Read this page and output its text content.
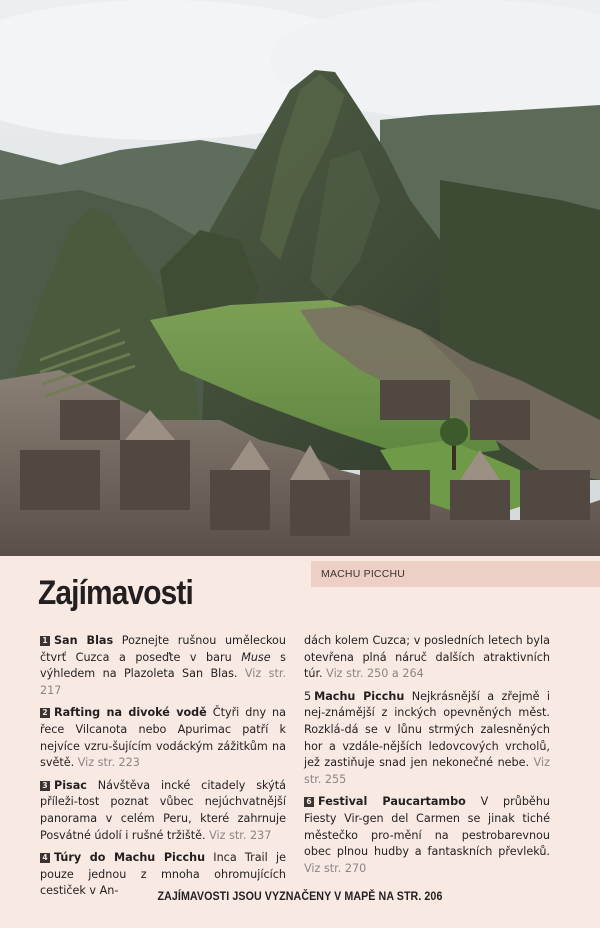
MACHU PICCHU
Zajímavosti

1 San Blas Poznejte rušnou uměleckou čtvrť Cuzca a poseďte v baru Muse s výhledem na Plazoleta San Blas. Viz str. 217

2 Rafting na divoké vodě Čtyři dny na řece Vilcanota nebo Apurimac patří k nejvíce vzru-šujícím vodáckým zážitkům na světě. Viz str. 223

3 Pisac Návštěva incké citadely skýtá příleži-tost poznat vůbec nejúchvatnější panorama v celém Peru, které zahrnuje Posvátné údolí i rušné tržiště. Viz str. 237

4 Túry do Machu Picchu Inca Trail je pouze jednou z mnoha ohromujících cestiček v An-

dách kolem Cuzca; v posledních letech byla otevřena plná náruč dalších atraktivních túr. Viz str. 250 a 264

5 Machu Picchu Nejkrásnější a zřejmě i nej-známější z inckých opevněných měst. Rozklá-dá se v lůnu strmých zalesněných hor a vzdále-nějších ledovcových vrcholů, jež zastiňuje snad jen nekonečné nebe. Viz str. 255

6 Festival Paucartambo V průběhu Fiesty Vir-gen del Carmen se jinak tiché městečko pro-mění na pestrobarevnou obec plnou hudby a fantaskních převleků. Viz str. 270

ZAJÍMAVOSTI JSOU VYZNAČENY V MAPĚ NA STR. 206
